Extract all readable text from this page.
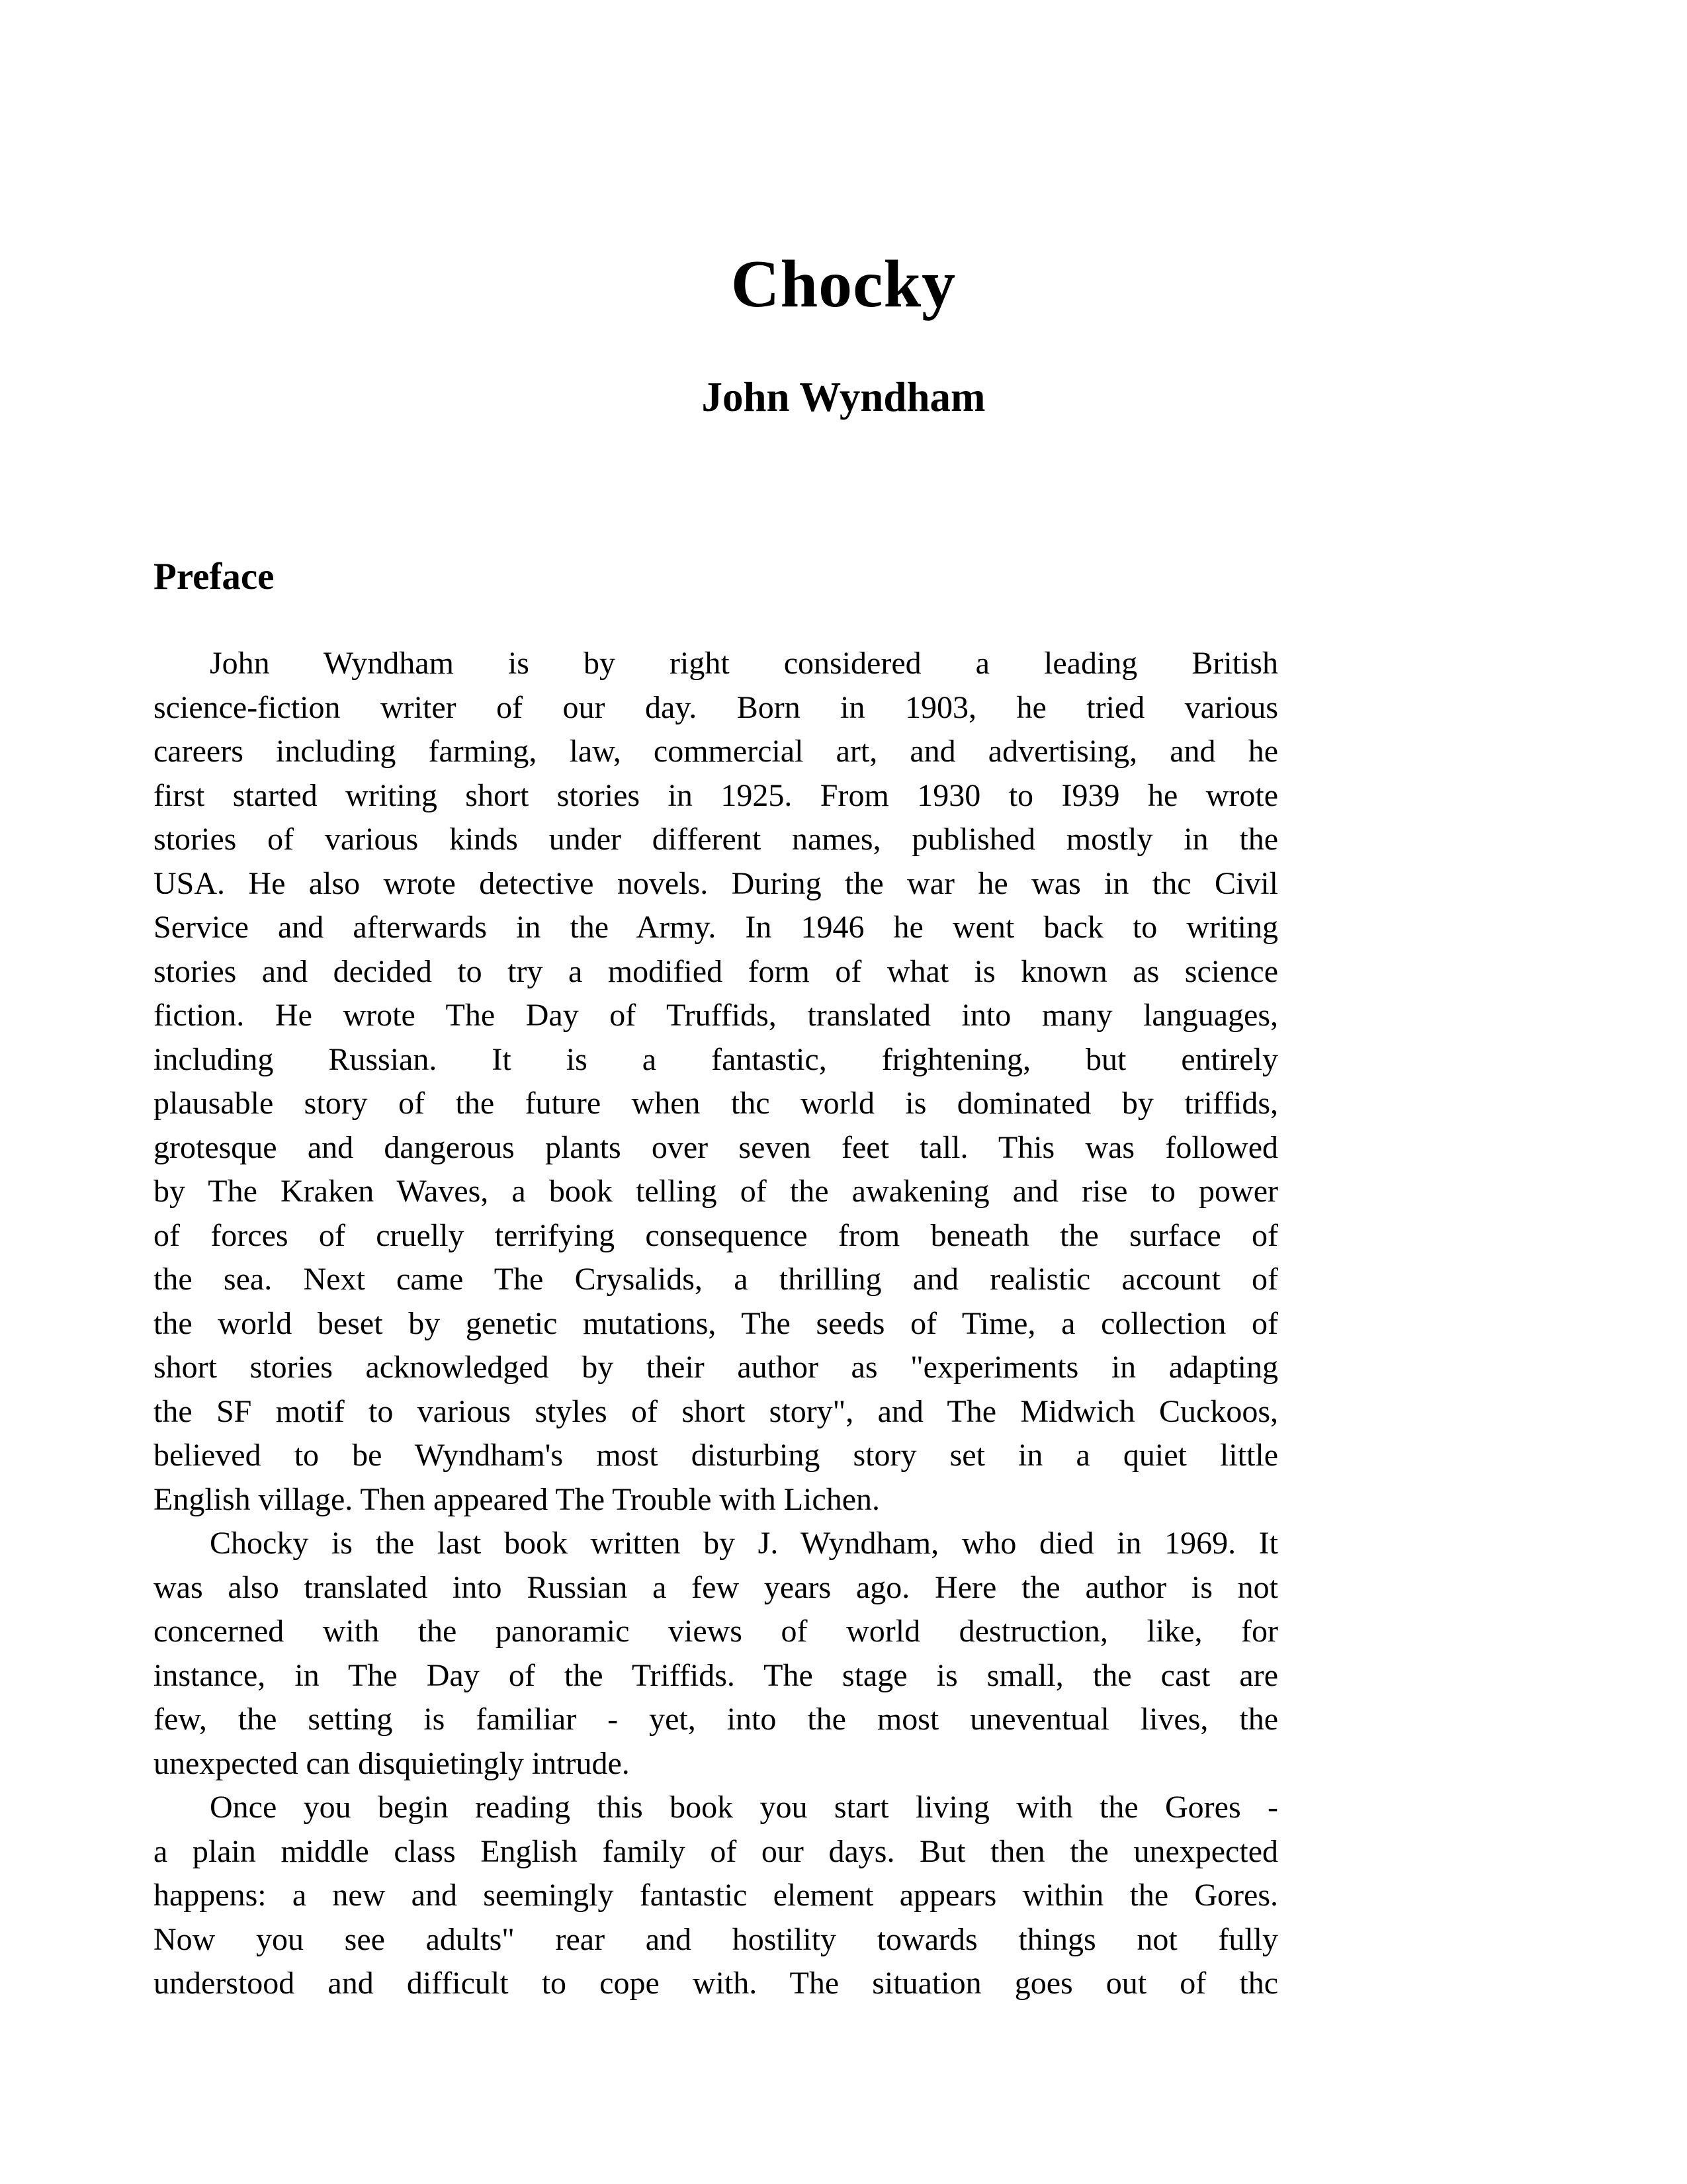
Chocky
John Wyndham
Preface
John Wyndham is by right considered a leading British
science-fiction writer of our day. Born in 1903, he tried various
careers including farming, law, commercial art, and advertising, and he
first started writing short stories in 1925. From 1930 to I939 he wrote
stories of various kinds under different names, published mostly in the
USA. He also wrote detective novels. During the war he was in thc Civil
Service and afterwards in the Army. In 1946 he went back to writing
stories and decided to try a modified form of what is known as science
fiction. He wrote The Day of Truffids, translated into many languages,
including Russian. It is a fantastic, frightening, but entirely
plausable story of the future when thc world is dominated by triffids,
grotesque and dangerous plants over seven feet tall. This was followed
by The Kraken Waves, a book telling of the awakening and rise to power
of forces of cruelly terrifying consequence from beneath the surface of
the sea. Next came The Crysalids, a thrilling and realistic account of
the world beset by genetic mutations, The seeds of Time, a collection of
short stories acknowledged by their author as "experiments in adapting
the SF motif to various styles of short story", and The Midwich Cuckoos,
believed to be Wyndham's most disturbing story set in a quiet little
English village. Then appeared The Trouble with Lichen.
Chocky is the last book written by J. Wyndham, who died in 1969. It
was also translated into Russian a few years ago. Here the author is not
concerned with the panoramic views of world destruction, like, for
instance, in The Day of the Triffids. The stage is small, the cast are
few, the setting is familiar - yet, into the most uneventual lives, the
unexpected can disquietingly intrude.
Once you begin reading this book you start living with the Gores -
a plain middle class English family of our days. But then the unexpected
happens: a new and seemingly fantastic element appears within the Gores.
Now you see adults" rear and hostility towards things not fully
understood and difficult to cope with. The situation goes out of thc
